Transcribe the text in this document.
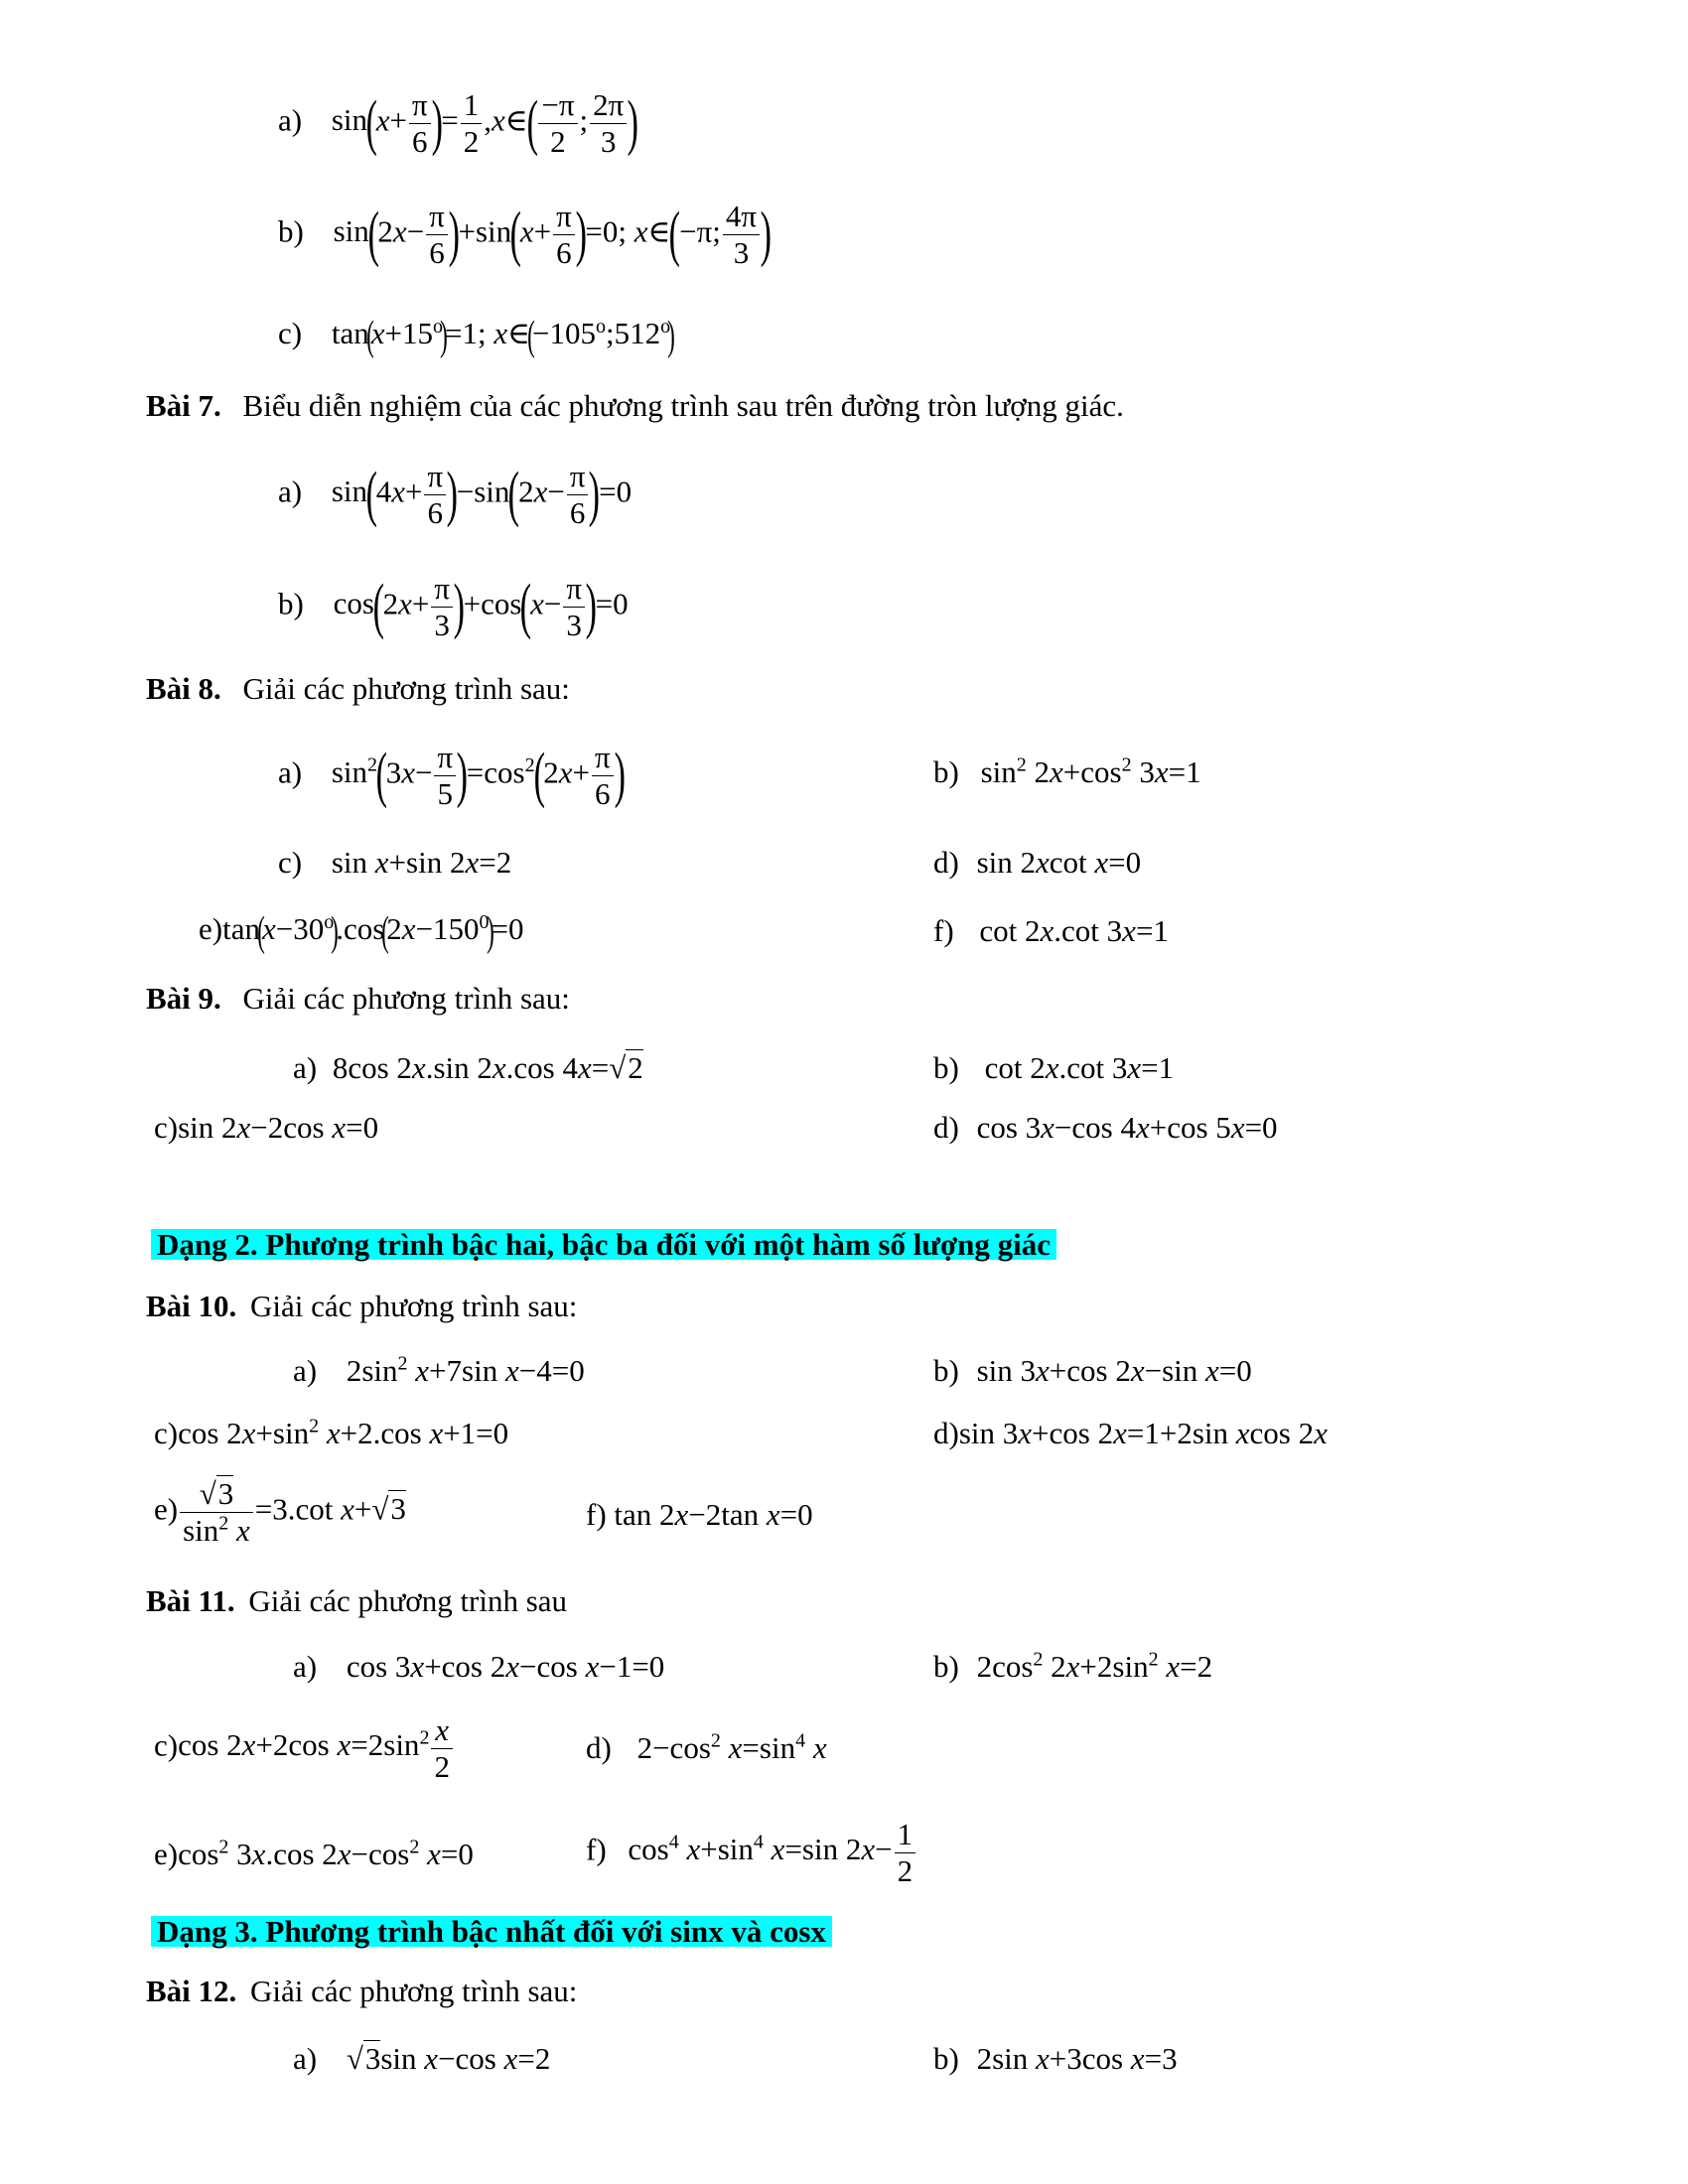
a) $\sin(x+ \frac{\pi}{6}$ )= $\frac{1}{2}$ ,x∈( $\frac{-\pi}{2}$ ; $\frac{2\pi}{3}$ )
b) $\sin(2x- \frac{\pi}{6} )+\sin(x+ \frac{\pi}{6} )=0$; x∈(−π; $\frac{4\pi}{3}$ )
c) $\tan(x+15^o)=1$; $x\in(-105^o;512^o)$
Bài 7. Biểu diễn nghiệm của các phương trình sau trên đường tròn lượng giác.
a) $\sin(4x+ \frac{\pi}{6} )-\sin(2x- \frac{\pi}{6} )=0$
b) $\cos(2x+ \frac{\pi}{3} )+\cos(x- \frac{\pi}{3} )=0$
Bài 8. Giải các phương trình sau:
a) $\sin^2(3x- \frac{\pi}{5} )=\cos^2(2x+ \frac{\pi}{6}$ )	b) $\sin^2 2x+\cos^2$ 3x=1
c) sin x+sin 2x=2	d) sin 2xcot x=0
$e)\tan(x-30^o).\cos(2x-150^0)=0$	f) cot 2x.cot 3x=1
Bài 9. Giải các phương trình sau:
a) 8cos 2x.sin 2x.cos 4x=√2	b) cot 2x.cot 3x=1
c)sin 2x−2cos x=0	d) cos 3x−cos 4x+cos 5x=0
Dạng 2. Phương trình bậc hai, bậc ba đối với một hàm số lượng giác
Bài 10. Giải các phương trình sau:
a) $2\sin^2$ x+7sin x−4=0	b) sin 3x+cos 2x−sin x=0
c)cos $2x+\sin^2$ x+2.cos x+1=0	d)sin 3x+cos 2x=1+2sin xcos 2x
$e) \frac{√3}{\sin^2 x} =3.\cot$ x+√3	f) tan 2x−2tan x=0
Bài 11. Giải các phương trình sau
a) cos 3x+cos 2x−cos x−1=0	b) $2\cos^2$ $2x+2\sin^2$ x=2
c)cos 2x+2cos $x=2\sin^2 \frac{x}{2}$	d) $2-\cos^2$ $x=\sin^4$ x
$e)\cos^2$ 3x.cos $2x-\cos^2$ x=0	f) $\cos^4 x+\sin^4$ x=sin $2x- \frac{1}{2}$
Dạng 3. Phương trình bậc nhất đối với sinx và cosx
Bài 12. Giải các phương trình sau:
a) √3sin x−cos x=2	b) 2sin x+3cos x=3
